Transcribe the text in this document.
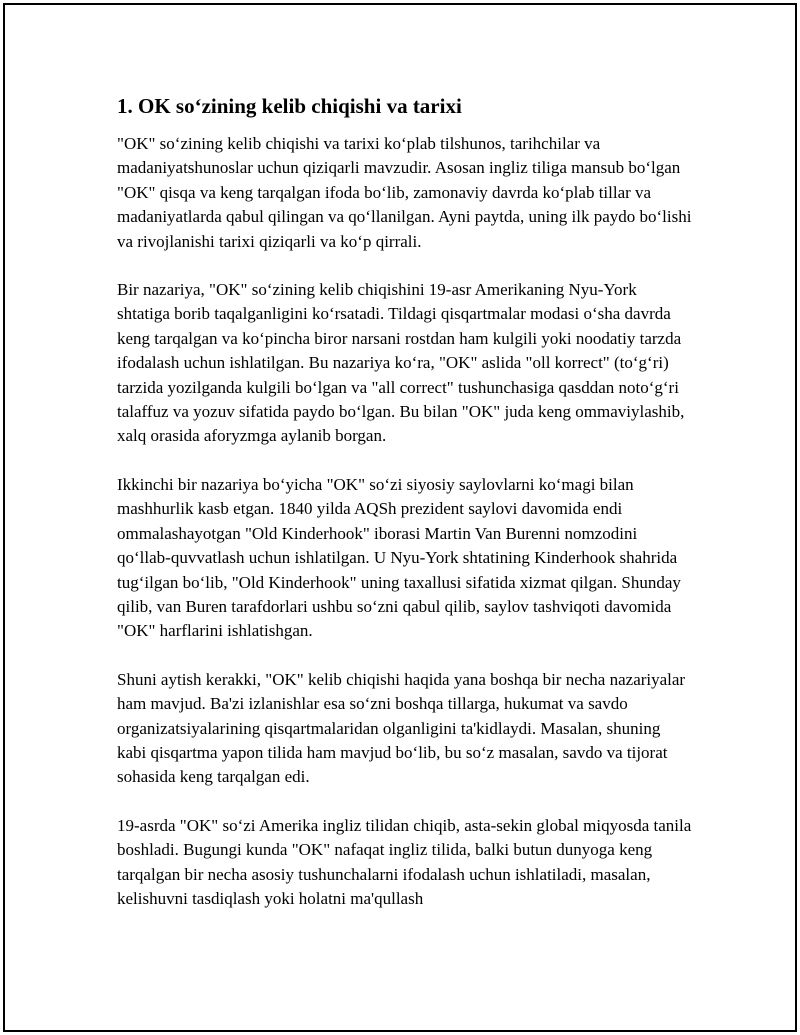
1. OK so‘zining kelib chiqishi va tarixi

"OK" so‘zining kelib chiqishi va tarixi ko‘plab tilshunos, tarihchilar va madaniyatshunoslar uchun qiziqarli mavzudir. Asosan ingliz tiliga mansub bo‘lgan "OK" qisqa va keng tarqalgan ifoda bo‘lib, zamonaviy davrda ko‘plab tillar va madaniyatlarda qabul qilingan va qo‘llanilgan. Ayni paytda, uning ilk paydo bo‘lishi va rivojlanishi tarixi qiziqarli va ko‘p qirrali.

Bir nazariya, "OK" so‘zining kelib chiqishini 19-asr Amerikaning Nyu-York shtatiga borib taqalganligini ko‘rsatadi. Tildagi qisqartmalar modasi o‘sha davrda keng tarqalgan va ko‘pincha biror narsani rostdan ham kulgili yoki noodatiy tarzda ifodalash uchun ishlatilgan. Bu nazariya ko‘ra, "OK" aslida "oll korrect" (to‘g‘ri) tarzida yozilganda kulgili bo‘lgan va "all correct" tushunchasiga qasddan noto‘g‘ri talaffuz va yozuv sifatida paydo bo‘lgan. Bu bilan "OK" juda keng ommaviylashib, xalq orasida aforyzmga aylanib borgan.

Ikkinchi bir nazariya bo‘yicha "OK" so‘zi siyosiy saylovlarni ko‘magi bilan mashhurlik kasb etgan. 1840 yilda AQSh prezident saylovi davomida endi ommalashayotgan "Old Kinderhook" iborasi Martin Van Burenni nomzodini qo‘llab-quvvatlash uchun ishlatilgan. U Nyu-York shtatining Kinderhook shahrida tug‘ilgan bo‘lib, "Old Kinderhook" uning taxallusi sifatida xizmat qilgan. Shunday qilib, van Buren tarafdorlari ushbu so‘zni qabul qilib, saylov tashviqoti davomida "OK" harflarini ishlatishgan.

Shuni aytish kerakki, "OK" kelib chiqishi haqida yana boshqa bir necha nazariyalar ham mavjud. Ba'zi izlanishlar esa so‘zni boshqa tillarga, hukumat va savdo organizatsiyalarining qisqartmalaridan olganligini ta'kidlaydi. Masalan, shuning kabi qisqartma yapon tilida ham mavjud bo‘lib, bu so‘z masalan, savdo va tijorat sohasida keng tarqalgan edi.

19-asrda "OK" so‘zi Amerika ingliz tilidan chiqib, asta-sekin global miqyosda tanila boshladi. Bugungi kunda "OK" nafaqat ingliz tilida, balki butun dunyoga keng tarqalgan bir necha asosiy tushunchalarni ifodalash uchun ishlatiladi, masalan, kelishuvni tasdiqlash yoki holatni ma'qullash
